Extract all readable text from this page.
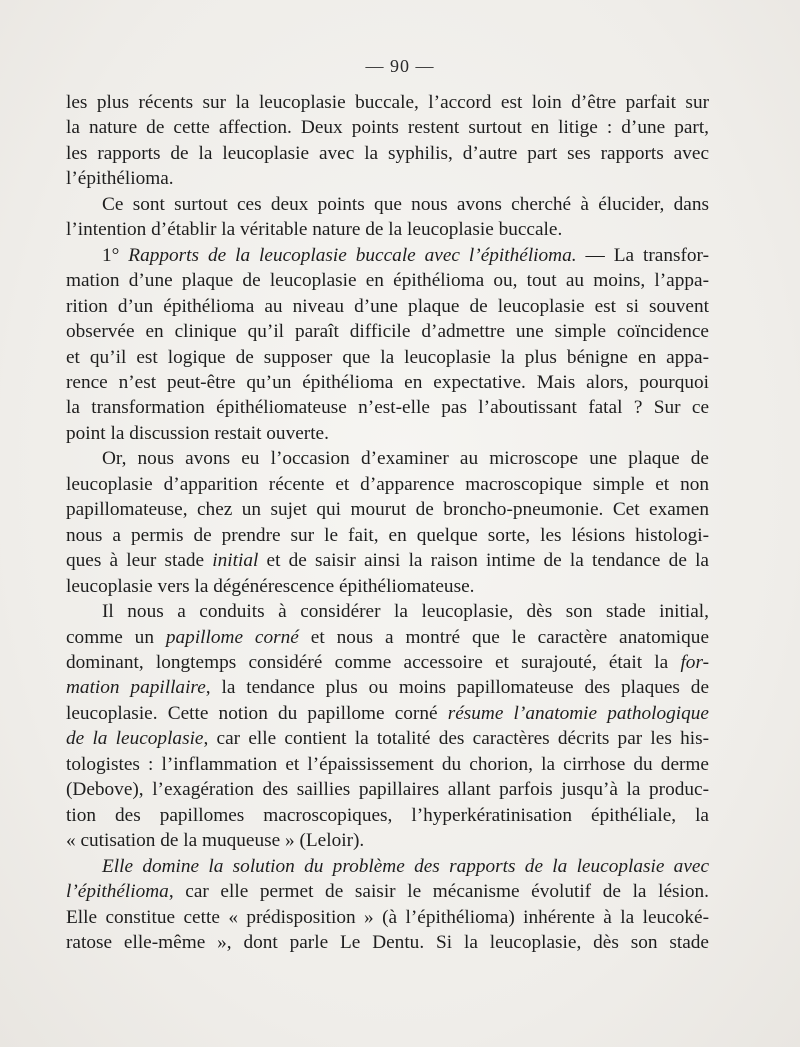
— 90 —
les plus récents sur la leucoplasie buccale, l’accord est loin d’être parfait sur
la nature de cette affection. Deux points restent surtout en litige : d’une part,
les rapports de la leucoplasie avec la syphilis, d’autre part ses rapports avec
l’épithélioma.
Ce sont surtout ces deux points que nous avons cherché à élucider, dans
l’intention d’établir la véritable nature de la leucoplasie buccale.
1° Rapports de la leucoplasie buccale avec l’épithélioma. — La transfor-
mation d’une plaque de leucoplasie en épithélioma ou, tout au moins, l’appa-
rition d’un épithélioma au niveau d’une plaque de leucoplasie est si souvent
observée en clinique qu’il paraît difficile d’admettre une simple coïncidence
et qu’il est logique de supposer que la leucoplasie la plus bénigne en appa-
rence n’est peut-être qu’un épithélioma en expectative. Mais alors, pourquoi
la transformation épithéliomateuse n’est-elle pas l’aboutissant fatal ? Sur ce
point la discussion restait ouverte.
Or, nous avons eu l’occasion d’examiner au microscope une plaque de
leucoplasie d’apparition récente et d’apparence macroscopique simple et non
papillomateuse, chez un sujet qui mourut de broncho-pneumonie. Cet examen
nous a permis de prendre sur le fait, en quelque sorte, les lésions histologi-
ques à leur stade initial et de saisir ainsi la raison intime de la tendance de la
leucoplasie vers la dégénérescence épithéliomateuse.
Il nous a conduits à considérer la leucoplasie, dès son stade initial,
comme un papillome corné et nous a montré que le caractère anatomique
dominant, longtemps considéré comme accessoire et surajouté, était la for-
mation papillaire, la tendance plus ou moins papillomateuse des plaques de
leucoplasie. Cette notion du papillome corné résume l’anatomie pathologique
de la leucoplasie, car elle contient la totalité des caractères décrits par les his-
tologistes : l’inflammation et l’épaississement du chorion, la cirrhose du derme
(Debove), l’exagération des saillies papillaires allant parfois jusqu’à la produc-
tion des papillomes macroscopiques, l’hyperkératinisation épithéliale, la
« cutisation de la muqueuse » (Leloir).
Elle domine la solution du problème des rapports de la leucoplasie avec
l’épithélioma, car elle permet de saisir le mécanisme évolutif de la lésion.
Elle constitue cette « prédisposition » (à l’épithélioma) inhérente à la leucoké-
ratose elle-même », dont parle Le Dentu. Si la leucoplasie, dès son stade
